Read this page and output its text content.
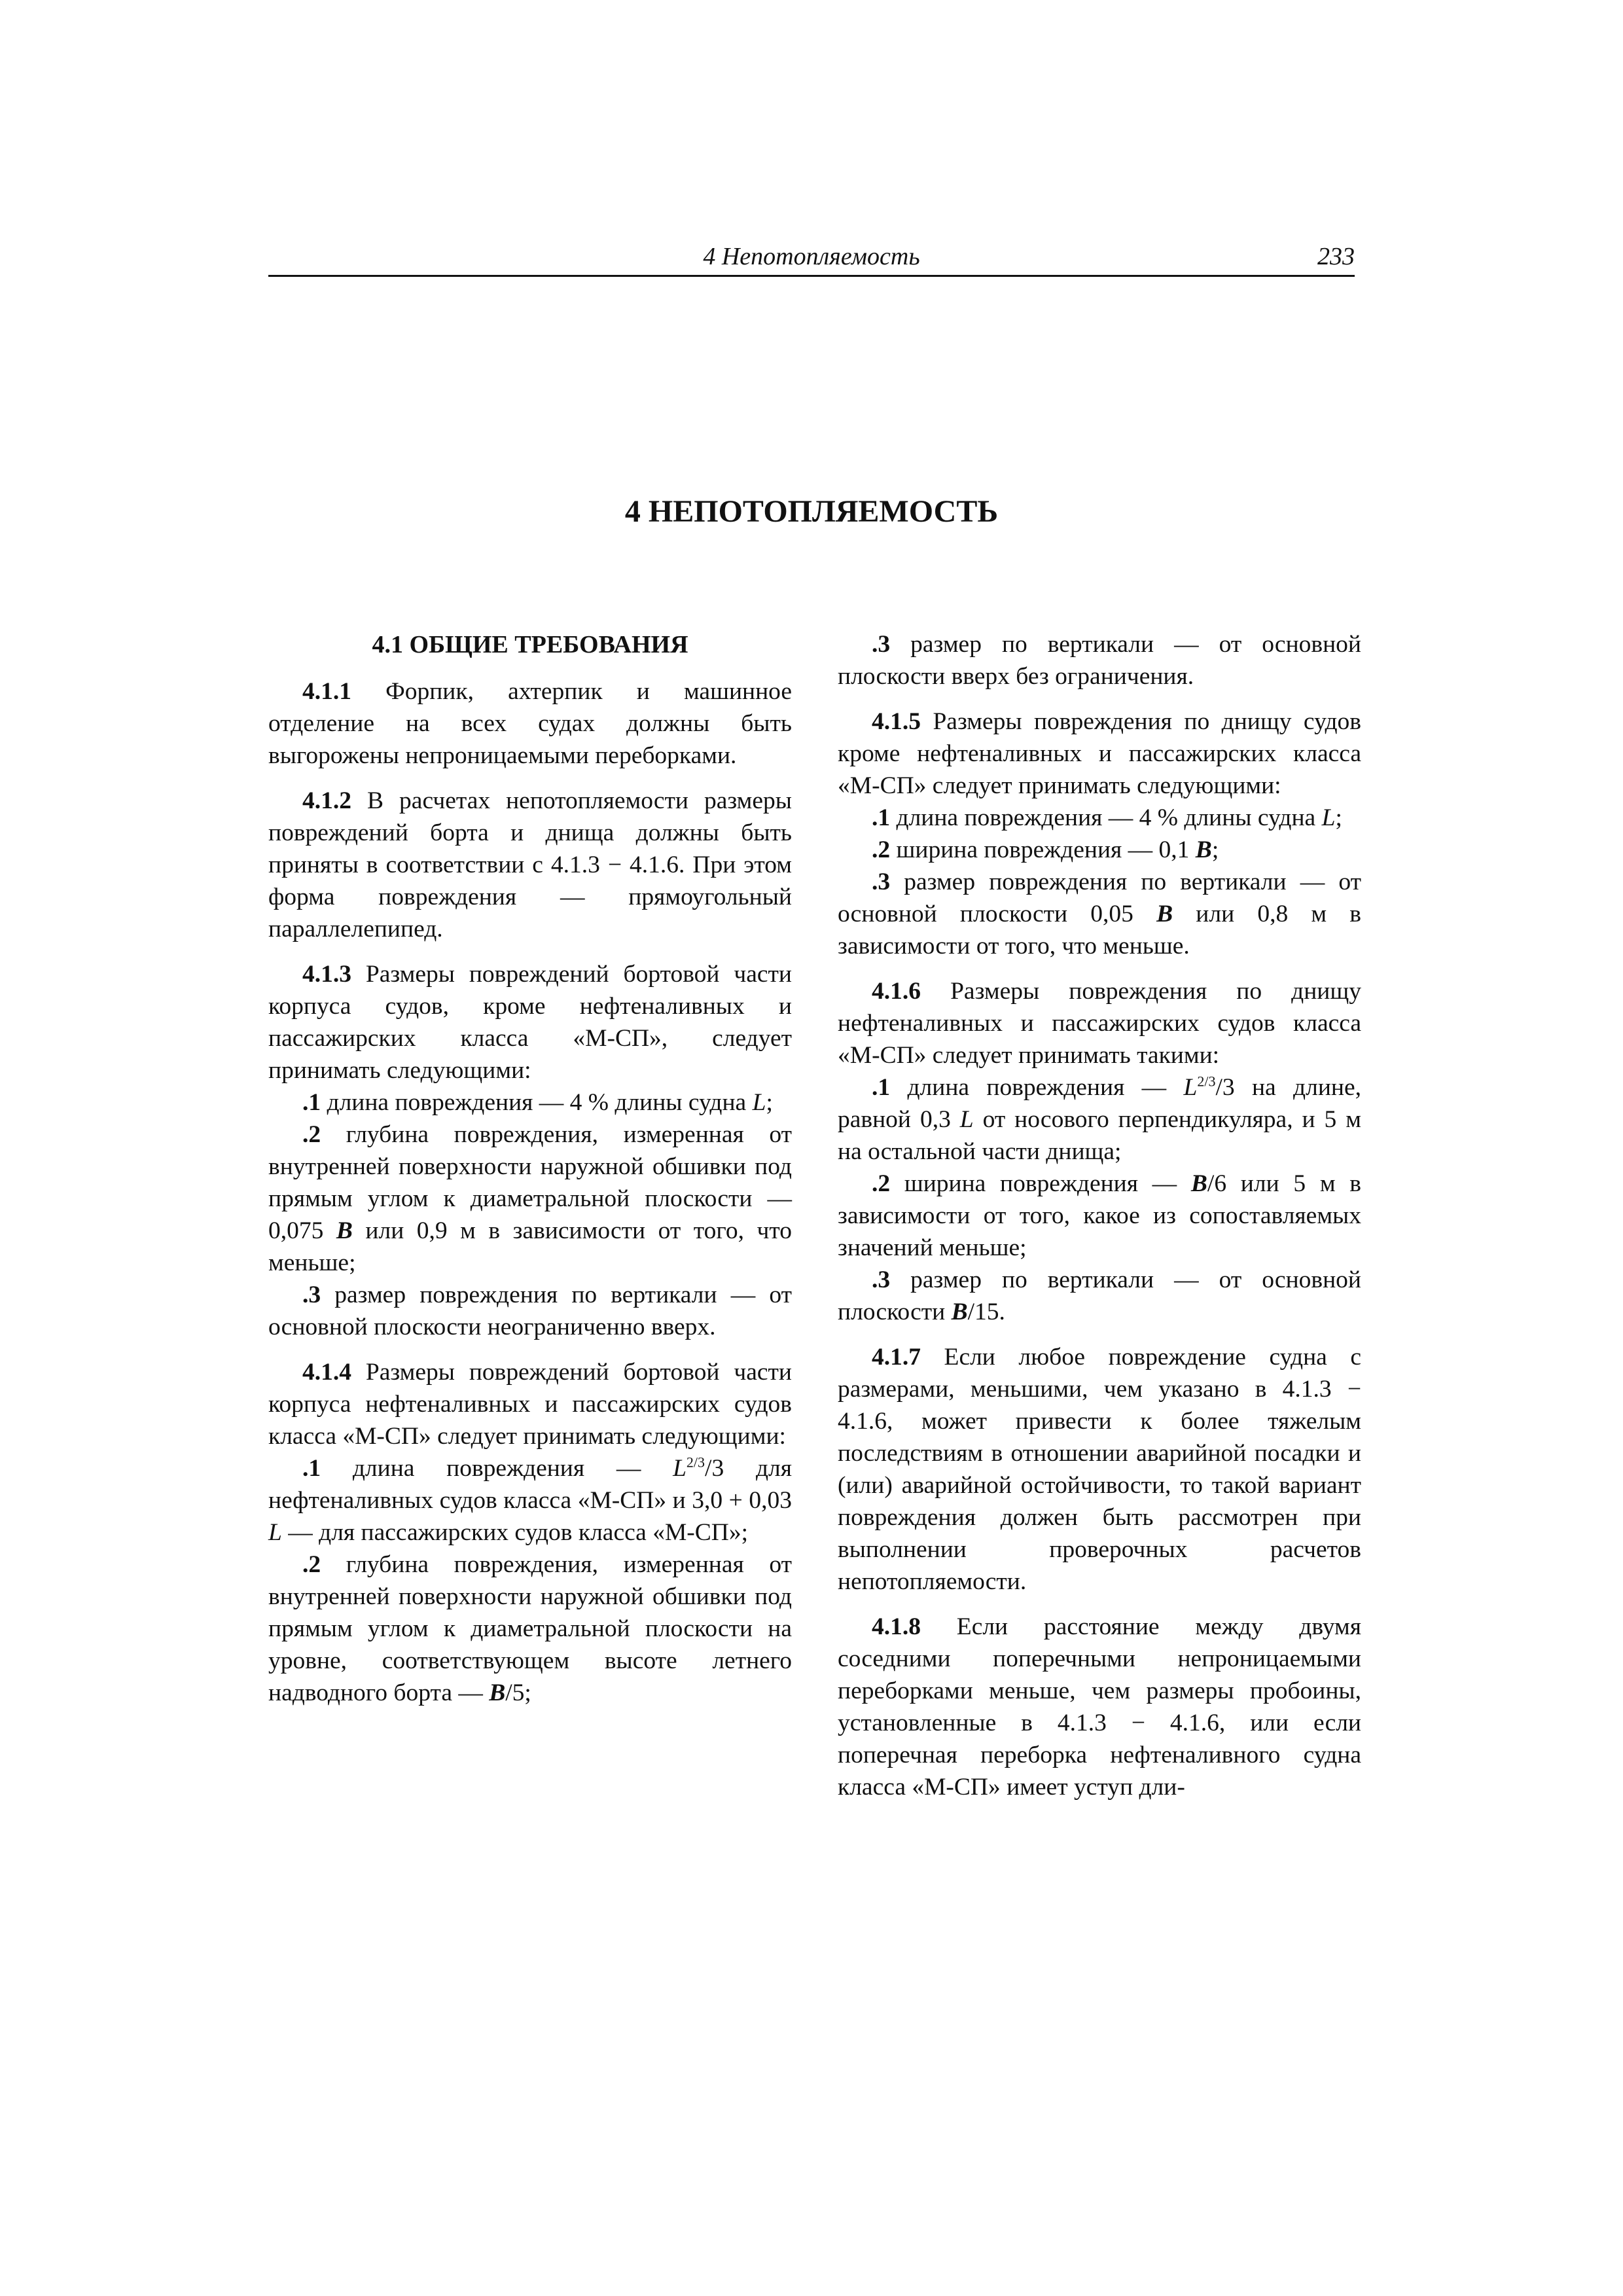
4 Непотопляемость	233
4 НЕПОТОПЛЯЕМОСТЬ
4.1 ОБЩИЕ ТРЕБОВАНИЯ

4.1.1 Форпик, ахтерпик и машинное отделение на всех судах должны быть выгорожены непроницаемыми переборками.

4.1.2 В расчетах непотопляемости размеры повреждений борта и днища должны быть приняты в соответствии с 4.1.3 − 4.1.6. При этом форма повреждения — прямоугольный параллелепипед.

4.1.3 Размеры повреждений бортовой части корпуса судов, кроме нефтеналивных и пассажирских класса «М-СП», следует принимать следующими:

.1 длина повреждения — 4 % длины судна L;

.2 глубина повреждения, измеренная от внутренней поверхности наружной обшивки под прямым углом к диаметральной плоскости — 0,075 B или 0,9 м в зависимости от того, что меньше;

.3 размер повреждения по вертикали — от основной плоскости неограниченно вверх.

4.1.4 Размеры повреждений бортовой части корпуса нефтеналивных и пассажирских судов класса «М-СП» следует принимать следующими:

.1 длина повреждения — $L^{2/3}/3$ для нефтеналивных судов класса «М-СП» и 3,0 + 0,03 L — для пассажирских судов класса «М-СП»;

.2 глубина повреждения, измеренная от внутренней поверхности наружной обшивки под прямым углом к диаметральной плоскости на уровне, соответствующем высоте летнего надводного борта — B/5;

.3 размер по вертикали — от основной плоскости вверх без ограничения.

4.1.5 Размеры повреждения по днищу судов кроме нефтеналивных и пассажирских класса «М-СП» следует принимать следующими:

.1 длина повреждения — 4 % длины судна L;

.2 ширина повреждения — 0,1 B;

.3 размер повреждения по вертикали — от основной плоскости 0,05 B или 0,8 м в зависимости от того, что меньше.

4.1.6 Размеры повреждения по днищу нефтеналивных и пассажирских судов класса «М-СП» следует принимать такими:

.1 длина повреждения — $L^{2/3}/3$ на длине, равной 0,3 L от носового перпендикуляра, и 5 м на остальной части днища;

.2 ширина повреждения — B/6 или 5 м в зависимости от того, какое из сопоставляемых значений меньше;

.3 размер по вертикали — от основной плоскости B/15.

4.1.7 Если любое повреждение судна с размерами, меньшими, чем указано в 4.1.3 − 4.1.6, может привести к более тяжелым последствиям в отношении аварийной посадки и (или) аварийной остойчивости, то такой вариант повреждения должен быть рассмотрен при выполнении проверочных расчетов непотопляемости.

4.1.8 Если расстояние между двумя соседними поперечными непроницаемыми переборками меньше, чем размеры пробоины, установленные в 4.1.3 − 4.1.6, или если поперечная переборка нефтеналивного судна класса «М-СП» имеет уступ дли-
